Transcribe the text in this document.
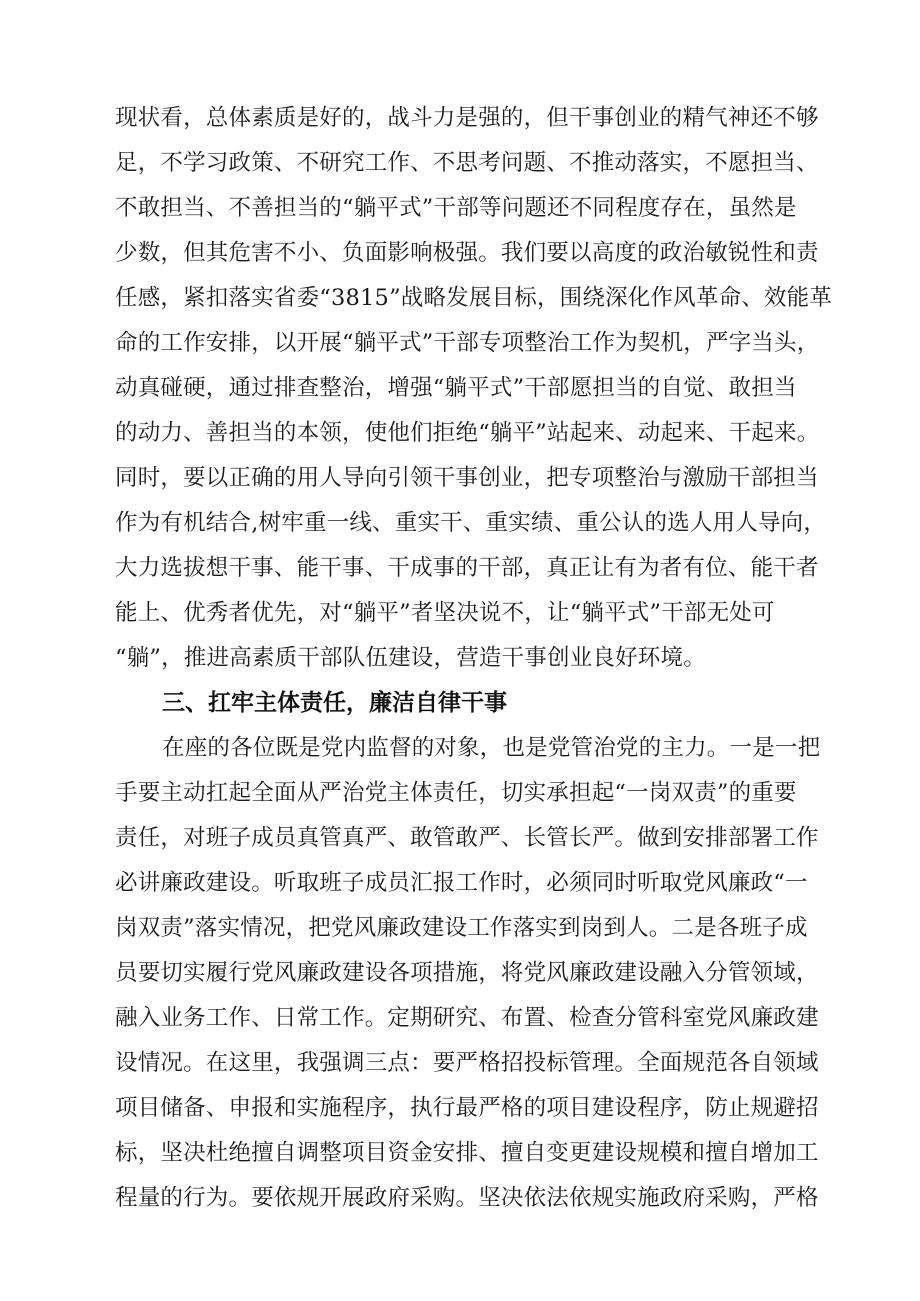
现状看，总体素质是好的，战斗力是强的，但干事创业的精气神还不够
足，不学习政策、不研究工作、不思考问题、不推动落实，不愿担当、
不敢担当、不善担当的“躺平式”干部等问题还不同程度存在，虽然是
少数，但其危害不小、负面影响极强。我们要以高度的政治敏锐性和责
任感，紧扣落实省委“3815”战略发展目标，围绕深化作风革命、效能革
命的工作安排，以开展“躺平式”干部专项整治工作为契机，严字当头，
动真碰硬，通过排查整治，增强“躺平式”干部愿担当的自觉、敢担当
的动力、善担当的本领，使他们拒绝“躺平”站起来、动起来、干起来。
同时，要以正确的用人导向引领干事创业，把专项整治与激励干部担当
作为有机结合,树牢重一线、重实干、重实绩、重公认的选人用人导向，
大力选拔想干事、能干事、干成事的干部，真正让有为者有位、能干者
能上、优秀者优先，对“躺平”者坚决说不，让“躺平式”干部无处可
“躺”，推进高素质干部队伍建设，营造干事创业良好环境。
三、扛牢主体责任，廉洁自律干事
在座的各位既是党内监督的对象，也是党管治党的主力。一是一把
手要主动扛起全面从严治党主体责任，切实承担起“一岗双责”的重要
责任，对班子成员真管真严、敢管敢严、长管长严。做到安排部署工作
必讲廉政建设。听取班子成员汇报工作时，必须同时听取党风廉政“一
岗双责”落实情况，把党风廉政建设工作落实到岗到人。二是各班子成
员要切实履行党风廉政建设各项措施，将党风廉政建设融入分管领域，
融入业务工作、日常工作。定期研究、布置、检查分管科室党风廉政建
设情况。在这里，我强调三点：要严格招投标管理。全面规范各自领域
项目储备、申报和实施程序，执行最严格的项目建设程序，防止规避招
标，坚决杜绝擅自调整项目资金安排、擅自变更建设规模和擅自增加工
程量的行为。要依规开展政府采购。坚决依法依规实施政府采购，严格
